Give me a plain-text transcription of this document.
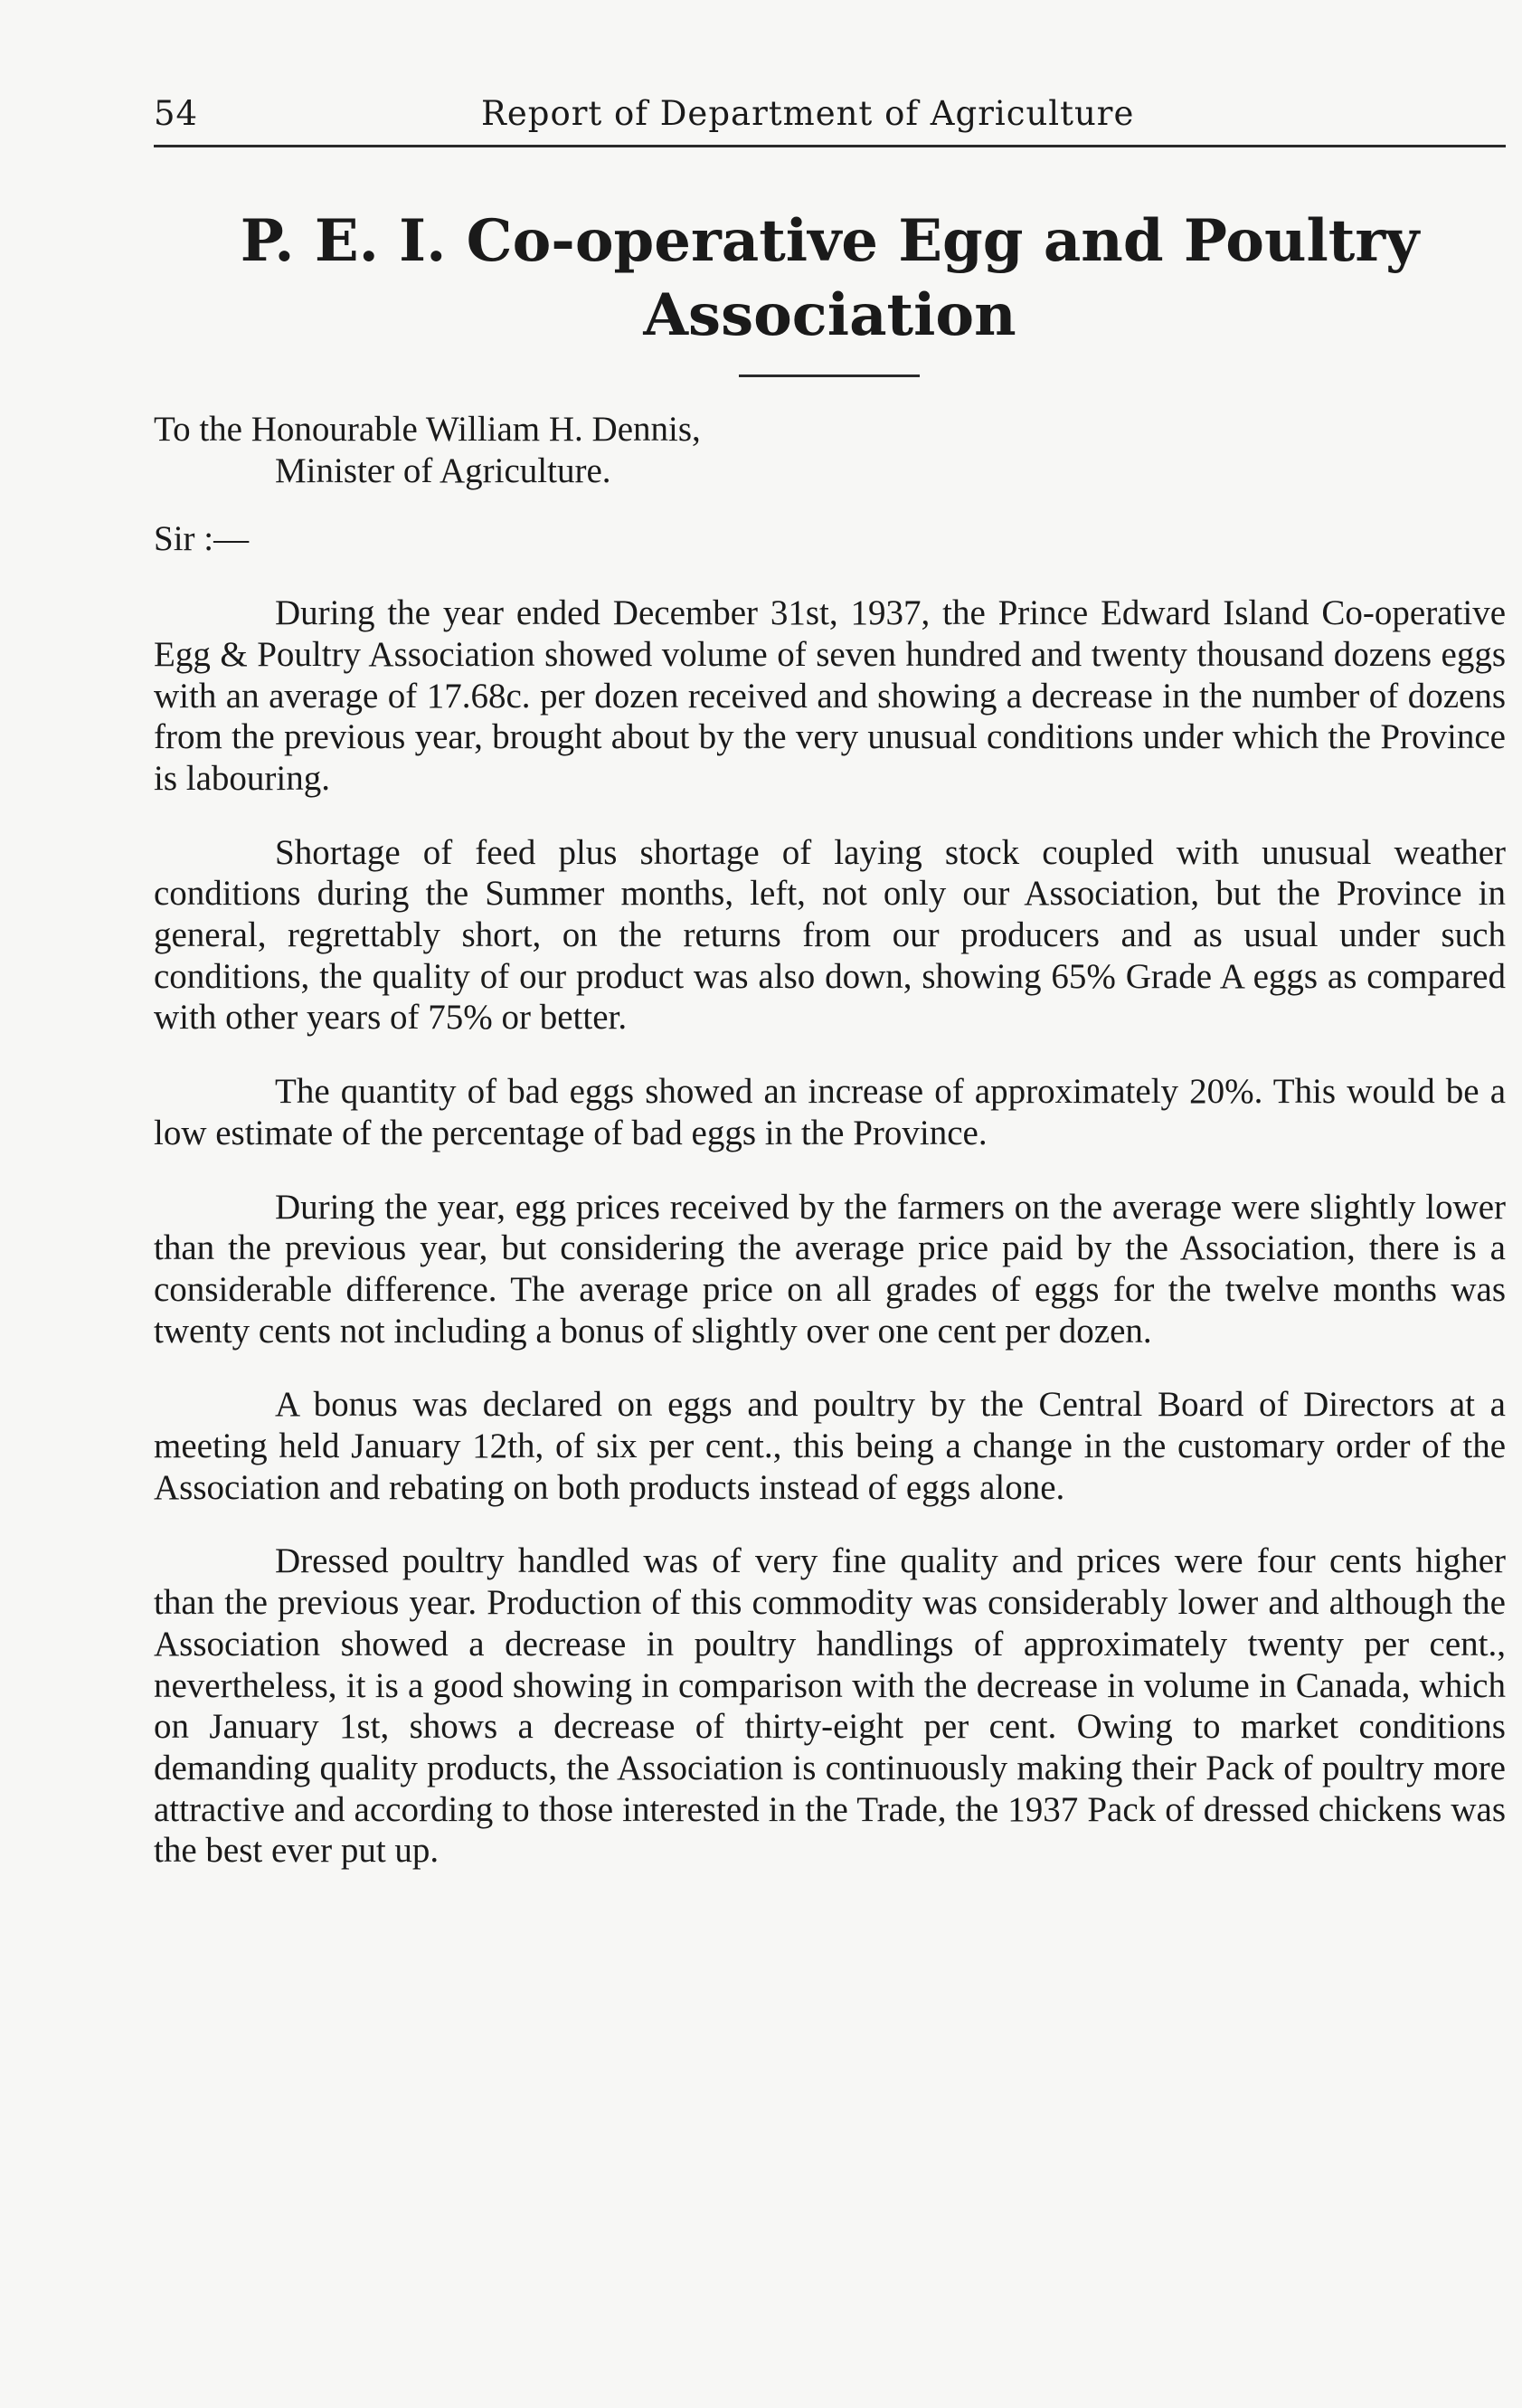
54	Report of Department of Agriculture
P. E. I. Co-operative Egg and Poultry
Association

To the Honourable William H. Dennis,
Minister of Agriculture.

Sir :—

During the year ended December 31st, 1937, the Prince Edward Island Co-operative Egg & Poultry Association showed volume of seven hundred and twenty thousand dozens eggs with an average of 17.68c. per dozen received and showing a decrease in the number of dozens from the previous year, brought about by the very unusual conditions under which the Province is labouring.

Shortage of feed plus shortage of laying stock coupled with unusual weather conditions during the Summer months, left, not only our Association, but the Province in general, regrettably short, on the returns from our producers and as usual under such conditions, the quality of our product was also down, showing 65% Grade A eggs as compared with other years of 75% or better.

The quantity of bad eggs showed an increase of approximately 20%. This would be a low estimate of the percentage of bad eggs in the Province.

During the year, egg prices received by the farmers on the average were slightly lower than the previous year, but considering the average price paid by the Association, there is a considerable difference. The average price on all grades of eggs for the twelve months was twenty cents not including a bonus of slightly over one cent per dozen.

A bonus was declared on eggs and poultry by the Central Board of Directors at a meeting held January 12th, of six per cent., this being a change in the customary order of the Association and rebating on both products instead of eggs alone.

Dressed poultry handled was of very fine quality and prices were four cents higher than the previous year. Production of this commodity was considerably lower and although the Association showed a decrease in poultry handlings of approximately twenty per cent., nevertheless, it is a good showing in comparison with the decrease in volume in Canada, which on January 1st, shows a decrease of thirty-eight per cent. Owing to market conditions demanding quality products, the Association is continuously making their Pack of poultry more attractive and according to those interested in the Trade, the 1937 Pack of dressed chickens was the best ever put up.
